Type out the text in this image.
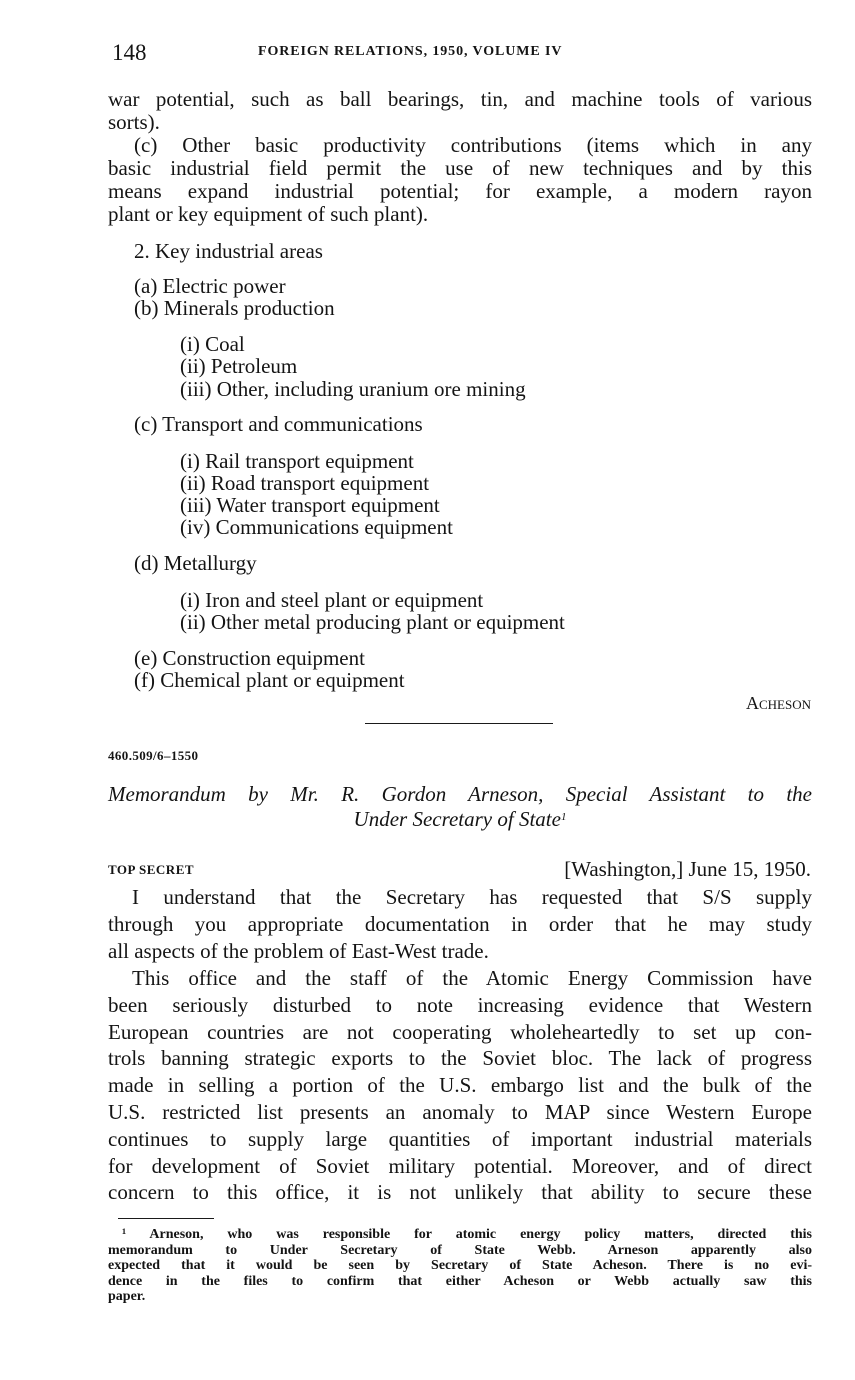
148	FOREIGN RELATIONS, 1950, VOLUME IV
war potential, such as ball bearings, tin, and machine tools of various
sorts).
(c) Other basic productivity contributions (items which in any
basic industrial field permit the use of new techniques and by this
means expand industrial potential; for example, a modern rayon
plant or key equipment of such plant).
2. Key industrial areas
(a) Electric power
(b) Minerals production
(i) Coal
(ii) Petroleum
(iii) Other, including uranium ore mining
(c) Transport and communications
(i) Rail transport equipment
(ii) Road transport equipment
(iii) Water transport equipment
(iv) Communications equipment
(d) Metallurgy
(i) Iron and steel plant or equipment
(ii) Other metal producing plant or equipment
(e) Construction equipment
(f) Chemical plant or equipment
Acheson
460.509/6–1550
Memorandum by Mr. R. Gordon Arneson, Special Assistant to the
Under Secretary of State$^1$
TOP SECRET	[Washington,] June 15, 1950.
I understand that the Secretary has requested that S/S supply
through you appropriate documentation in order that he may study
all aspects of the problem of East-West trade.
This office and the staff of the Atomic Energy Commission have
been seriously disturbed to note increasing evidence that Western
European countries are not cooperating wholeheartedly to set up con-
trols banning strategic exports to the Soviet bloc. The lack of progress
made in selling a portion of the U.S. embargo list and the bulk of the
U.S. restricted list presents an anomaly to MAP since Western Europe
continues to supply large quantities of important industrial materials
for development of Soviet military potential. Moreover, and of direct
concern to this office, it is not unlikely that ability to secure these
¹ Arneson, who was responsible for atomic energy policy matters, directed this
memorandum to Under Secretary of State Webb. Arneson apparently also
expected that it would be seen by Secretary of State Acheson. There is no evi-
dence in the files to confirm that either Acheson or Webb actually saw this
paper.
